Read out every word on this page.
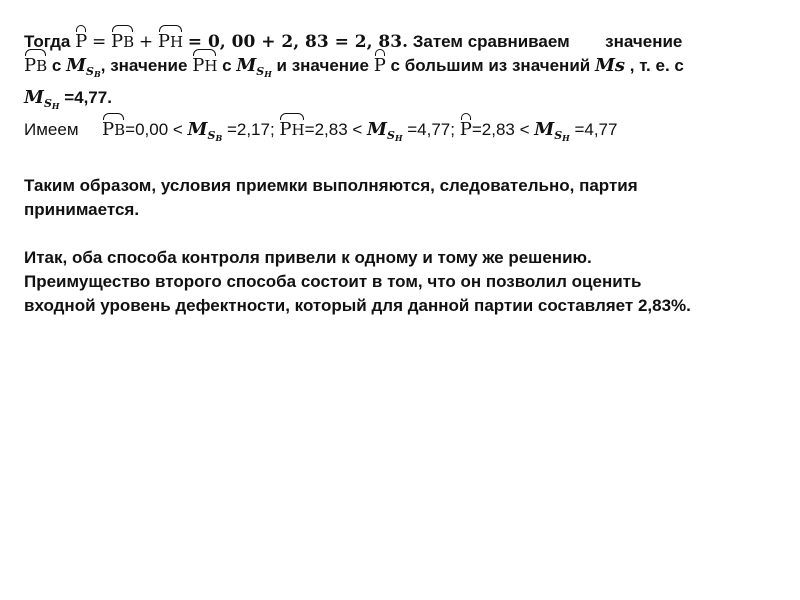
Тогда P = PВ + PН = 0, 00 + 2, 83 = 2, 83. Затем сравниваем значение
PВ с $M_{SВ}$, значение PН с $M_{SН}$ и значение P с большим из значений Ms , т. е. с
$M_{SН} =4,77$.
Имеем $PВ=0,00 < M_{SВ} =2,17$; $PН=2,83 < M_{SН} =4,77$; $P=2,83 < M_{SН} =4,77$
Таким образом, условия приемки выполняются, следовательно, партия
принимается.
Итак, оба способа контроля привели к одному и тому же решению.
Преимущество второго способа состоит в том, что он позволил оценить
входной уровень дефектности, который для данной партии составляет 2,83%.
